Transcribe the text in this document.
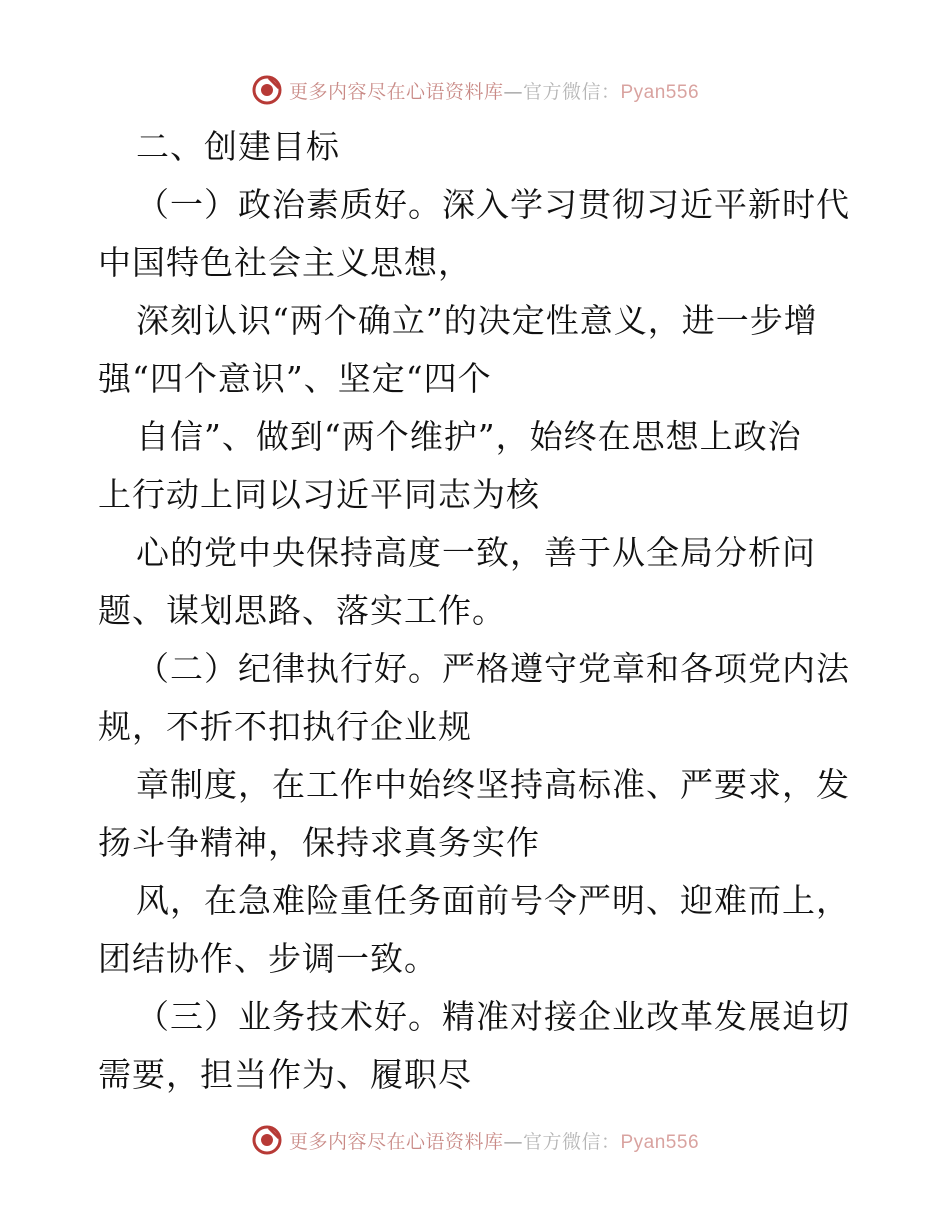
更多内容尽在心语资料库—官方微信：Pyan556
二、创建目标
（一）政治素质好。深入学习贯彻习近平新时代
中国特色社会主义思想，
深刻认识“两个确立”的决定性意义，进一步增
强“四个意识”、坚定“四个
自信”、做到“两个维护”，始终在思想上政治
上行动上同以习近平同志为核
心的党中央保持高度一致，善于从全局分析问
题、谋划思路、落实工作。
（二）纪律执行好。严格遵守党章和各项党内法
规，不折不扣执行企业规
章制度，在工作中始终坚持高标准、严要求，发
扬斗争精神，保持求真务实作
风，在急难险重任务面前号令严明、迎难而上，
团结协作、步调一致。
（三）业务技术好。精准对接企业改革发展迫切
需要，担当作为、履职尽
更多内容尽在心语资料库—官方微信：Pyan556
